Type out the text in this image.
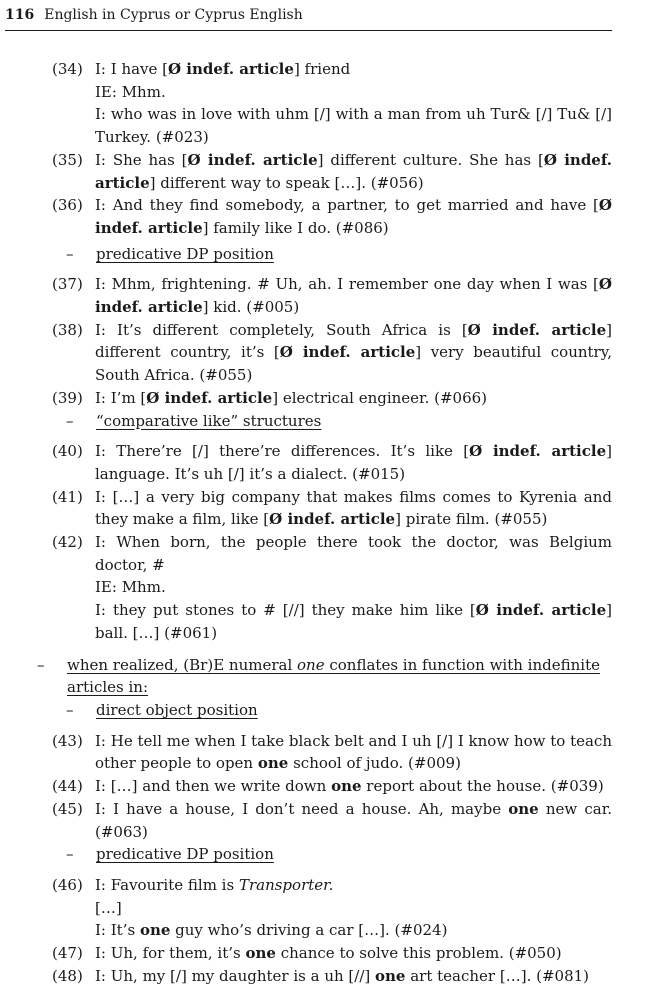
116 English in Cyprus or Cyprus English
(34) I: I have [Ø indef. article] friend
IE: Mhm.
I: who was in love with uhm [/] with a man from uh Tur& [/] Tu& [/] Turkey. (#023)
(35) I: She has [Ø indef. article] different culture. She has [Ø indef. article] different way to speak […]. (#056)
(36) I: And they find somebody, a partner, to get married and have [Ø indef. article] family like I do. (#086)
–	predicative DP position
(37) I: Mhm, frightening. # Uh, ah. I remember one day when I was [Ø indef. article] kid. (#005)
(38) I: It’s different completely, South Africa is [Ø indef. article] different country, it’s [Ø indef. article] very beautiful country, South Africa. (#055)
(39) I: I’m [Ø indef. article] electrical engineer. (#066)
–	“comparative like” structures
(40) I: There’re [/] there’re differences. It’s like [Ø indef. article] language. It’s uh [/] it’s a dialect. (#015)
(41) I: […] a very big company that makes films comes to Kyrenia and they make a film, like [Ø indef. article] pirate film. (#055)
(42) I: When born, the people there took the doctor, was Belgium doctor, #
IE: Mhm.
I: they put stones to # [//] they make him like [Ø indef. article] ball. […] (#061)
–	when realized, (Br)E numeral one conflates in function with indefinite articles in:
–	direct object position
(43) I: He tell me when I take black belt and I uh [/] I know how to teach other people to open one school of judo. (#009)
(44) I: […] and then we write down one report about the house. (#039)
(45) I: I have a house, I don’t need a house. Ah, maybe one new car. (#063)
–	predicative DP position
(46) I: Favourite film is Transporter.
[…]
I: It’s one guy who’s driving a car […]. (#024)
(47) I: Uh, for them, it’s one chance to solve this problem. (#050)
(48) I: Uh, my [/] my daughter is a uh [//] one art teacher […]. (#081)
